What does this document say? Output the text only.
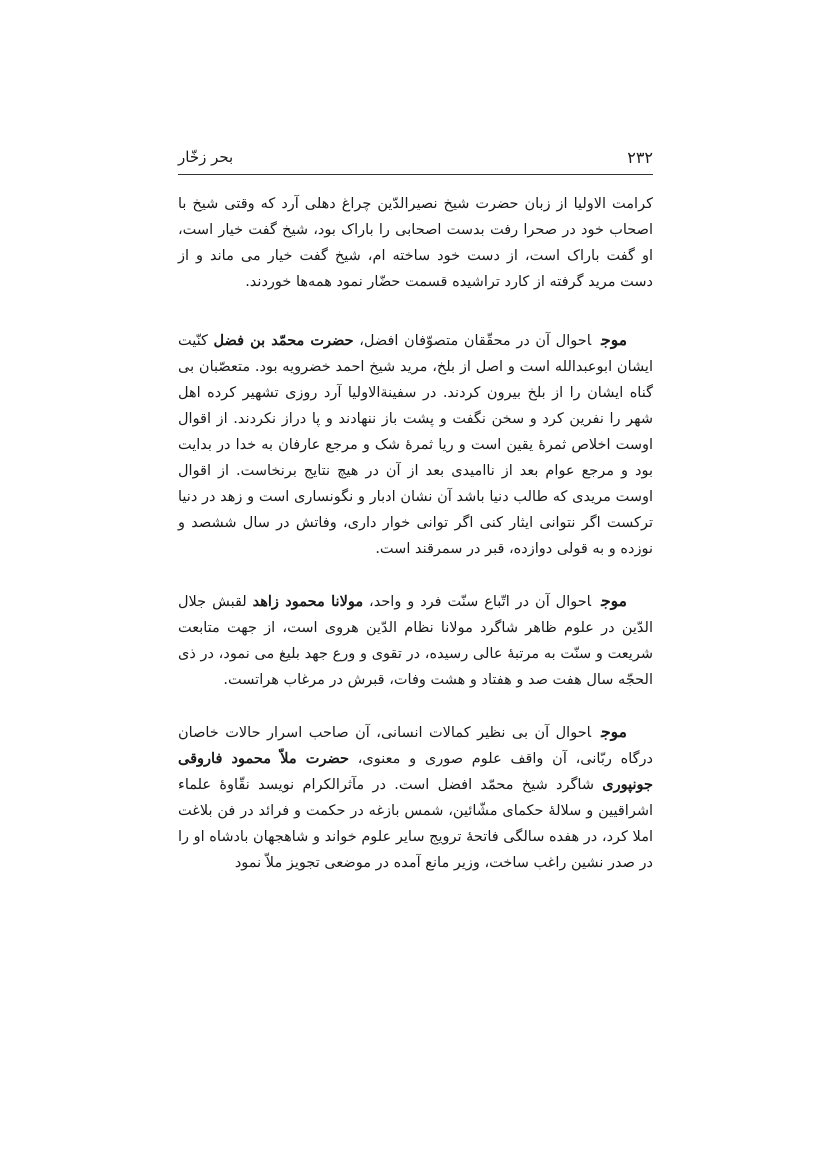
۲۳۲
بحر زخّار

کرامت الاولیا از زبان حضرت شیخ نصیرالدّین چراغ دهلی آرد که وقتی شیخ با اصحاب خود در صحرا رفت بدست اصحابی را باراک بود، شیخ گفت خیار است، او گفت باراک است، از دست خود ساخته ام، شیخ گفت خیار می ماند و از دست مرید گرفته از کارد تراشیده قسمت حضّار نمود همه‌ها خوردند.

موجاحوال آن در محقّقان متصوّفان افضل، حضرت محمّد بن فضل کنّیت ایشان ابوعبدالله است و اصل از بلخ، مرید شیخ احمد خضرویه بود. متعصّبان بی گناه ایشان را از بلخ بیرون کردند. در سفینةالاولیا آرد روزی تشهیر کرده اهل شهر را نفرین کرد و سخن نگفت و پشت باز ننهادند و پا دراز نکردند. از اقوال اوست اخلاص ثمرۀ یقین است و ریا ثمرۀ شک و مرجع عارفان به خدا در بدایت بود و مرجع عوام بعد از ناامیدی بعد از آن در هیچ نتایج برنخاست. از اقوال اوست مریدی که طالب دنیا باشد آن نشان ادبار و نگونساری است و زهد در دنیا ترکست اگر نتوانی ایثار کنی اگر توانی خوار داری، وفاتش در سال ششصد و نوزده و به قولی دوازده، قبر در سمرقند است.

موجاحوال آن در اتّباع سنّت فرد و واحد، مولانا محمود زاهد لقبش جلال الدّین در علوم ظاهر شاگرد مولانا نظام الدّین هروی است، از جهت متابعت شریعت و سنّت به مرتبۀ عالی رسیده، در تقوی و ورع جهد بلیغ می نمود، در ذی الحجّه سال هفت صد و هفتاد و هشت وفات، قبرش در مرغاب هراتست.

موجاحوال آن بی نظیر کمالات انسانی، آن صاحب اسرار حالات خاصان درگاه ربّانی، آن واقف علوم صوری و معنوی، حضرت ملاّ محمود فاروقی جونپوری شاگرد شیخ محمّد افضل است. در مآثرالکرام نویسد نقّاوۀ علماء اشراقیین و سلالۀ حکمای مشّائین، شمس بازغه در حکمت و فرائد در فن بلاغت املا کرد، در هفده سالگی فاتحۀ ترویج سایر علوم خواند و شاهجهان بادشاه او را در صدر نشین راغب ساخت، وزیر مانع آمده در موضعی تجویز ملاّ نمود
